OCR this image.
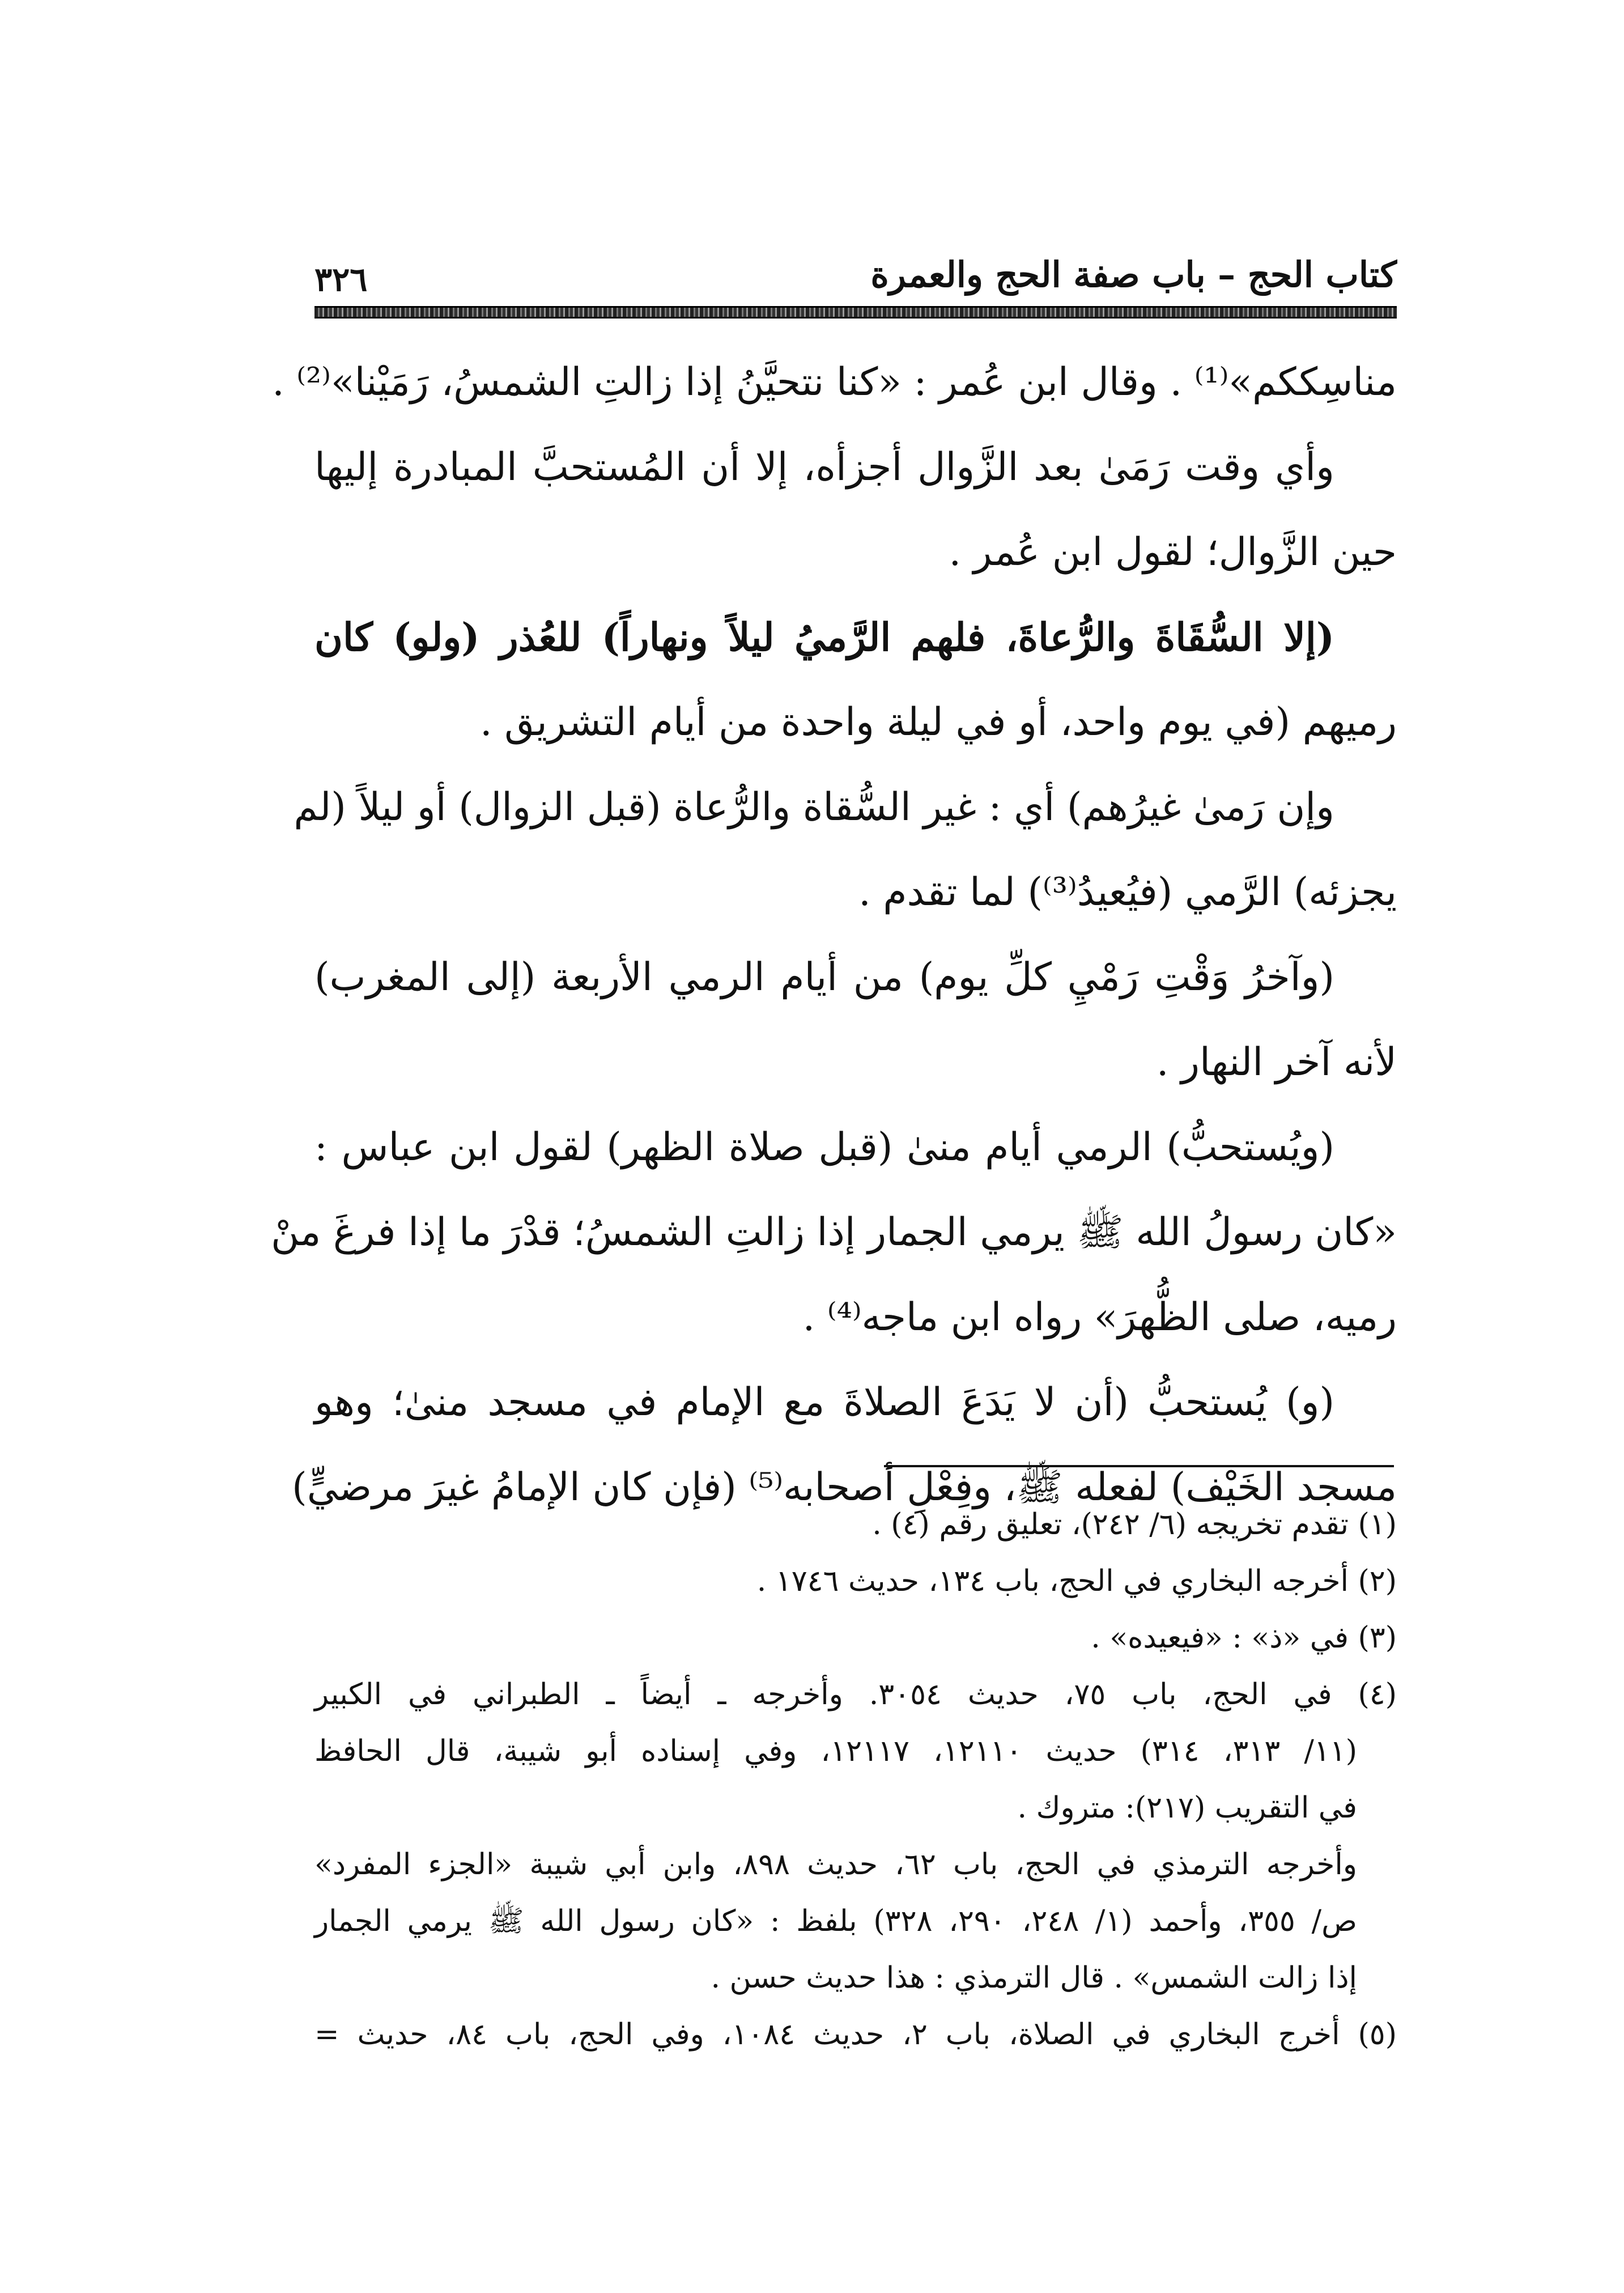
كتاب الحج – باب صفة الحج والعمرة
٣٢٦
مناسِككم»⁽¹⁾ . وقال ابن عُمر : «كنا نتحيَّنُ إذا زالتِ الشمسُ، رَمَيْنا»⁽²⁾ .
وأي وقت رَمَىٰ بعد الزَّوال أجزأه، إلا أن المُستحبَّ المبادرة إليها
حين الزَّوال؛ لقول ابن عُمر .
(إلا السُّقَاةَ والرُّعاةَ، فلهم الرَّميُ ليلاً ونهاراً) للعُذر (ولو) كان
رميهم (في يوم واحد، أو في ليلة واحدة من أيام التشريق .
وإن رَمىٰ غيرُهم) أي : غير السُّقاة والرُّعاة (قبل الزوال) أو ليلاً (لم
يجزئه) الرَّمي (فيُعيدُ⁽³⁾) لما تقدم .
(وآخرُ وَقْتِ رَمْيِ كلِّ يوم) من أيام الرمي الأربعة (إلى المغرب)
لأنه آخر النهار .
(ويُستحبُّ) الرمي أيام منىٰ (قبل صلاة الظهر) لقول ابن عباس :
«كان رسولُ الله ﷺ يرمي الجمار إذا زالتِ الشمسُ؛ قدْرَ ما إذا فرغَ منْ
رميه، صلى الظُّهرَ» رواه ابن ماجه⁽⁴⁾ .
(و) يُستحبُّ (أن لا يَدَعَ الصلاةَ مع الإمام في مسجد منىٰ؛ وهو
مسجد الخَيْف) لفعله ﷺ، وفِعْلِ أصحابه⁽⁵⁾ (فإن كان الإمامُ غيرَ مرضيٍّ)
(١) تقدم تخريجه (٦/ ٢٤٢)، تعليق رقم (٤) .
(٢) أخرجه البخاري في الحج، باب ١٣٤، حديث ١٧٤٦ .
(٣) في «ذ» : «فيعيده» .
(٤) في الحج، باب ٧٥، حديث ٣٠٥٤. وأخرجه ـ أيضاً ـ الطبراني في الكبير
(١١/ ٣١٣، ٣١٤) حديث ١٢١١٠، ١٢١١٧، وفي إسناده أبو شيبة، قال الحافظ
في التقريب (٢١٧): متروك .
وأخرجه الترمذي في الحج، باب ٦٢، حديث ٨٩٨، وابن أبي شيبة «الجزء المفرد»
ص/ ٣٥٥، وأحمد (١/ ٢٤٨، ٢٩٠، ٣٢٨) بلفظ : «كان رسول الله ﷺ يرمي الجمار
إذا زالت الشمس» . قال الترمذي : هذا حديث حسن .
(٥) أخرج البخاري في الصلاة، باب ٢، حديث ١٠٨٤، وفي الحج، باب ٨٤، حديث =
